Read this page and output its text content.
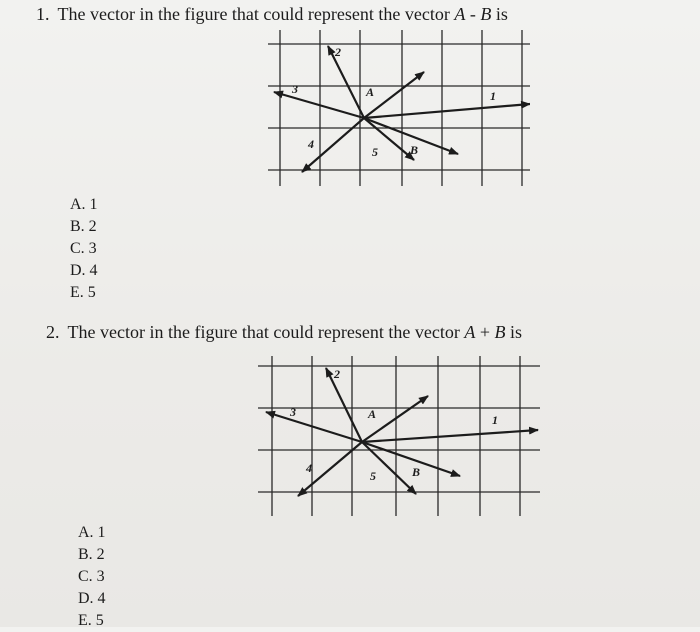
1. The vector in the figure that could represent the vector A - B is
2
3	A	1
B
5
4
A. 1
B. 2
C. 3
D. 4
E. 5
2. The vector in the figure that could represent the vector A + B is
2
3	A	1
B
5
4
A. 1
B. 2
C. 3
D. 4
E. 5
